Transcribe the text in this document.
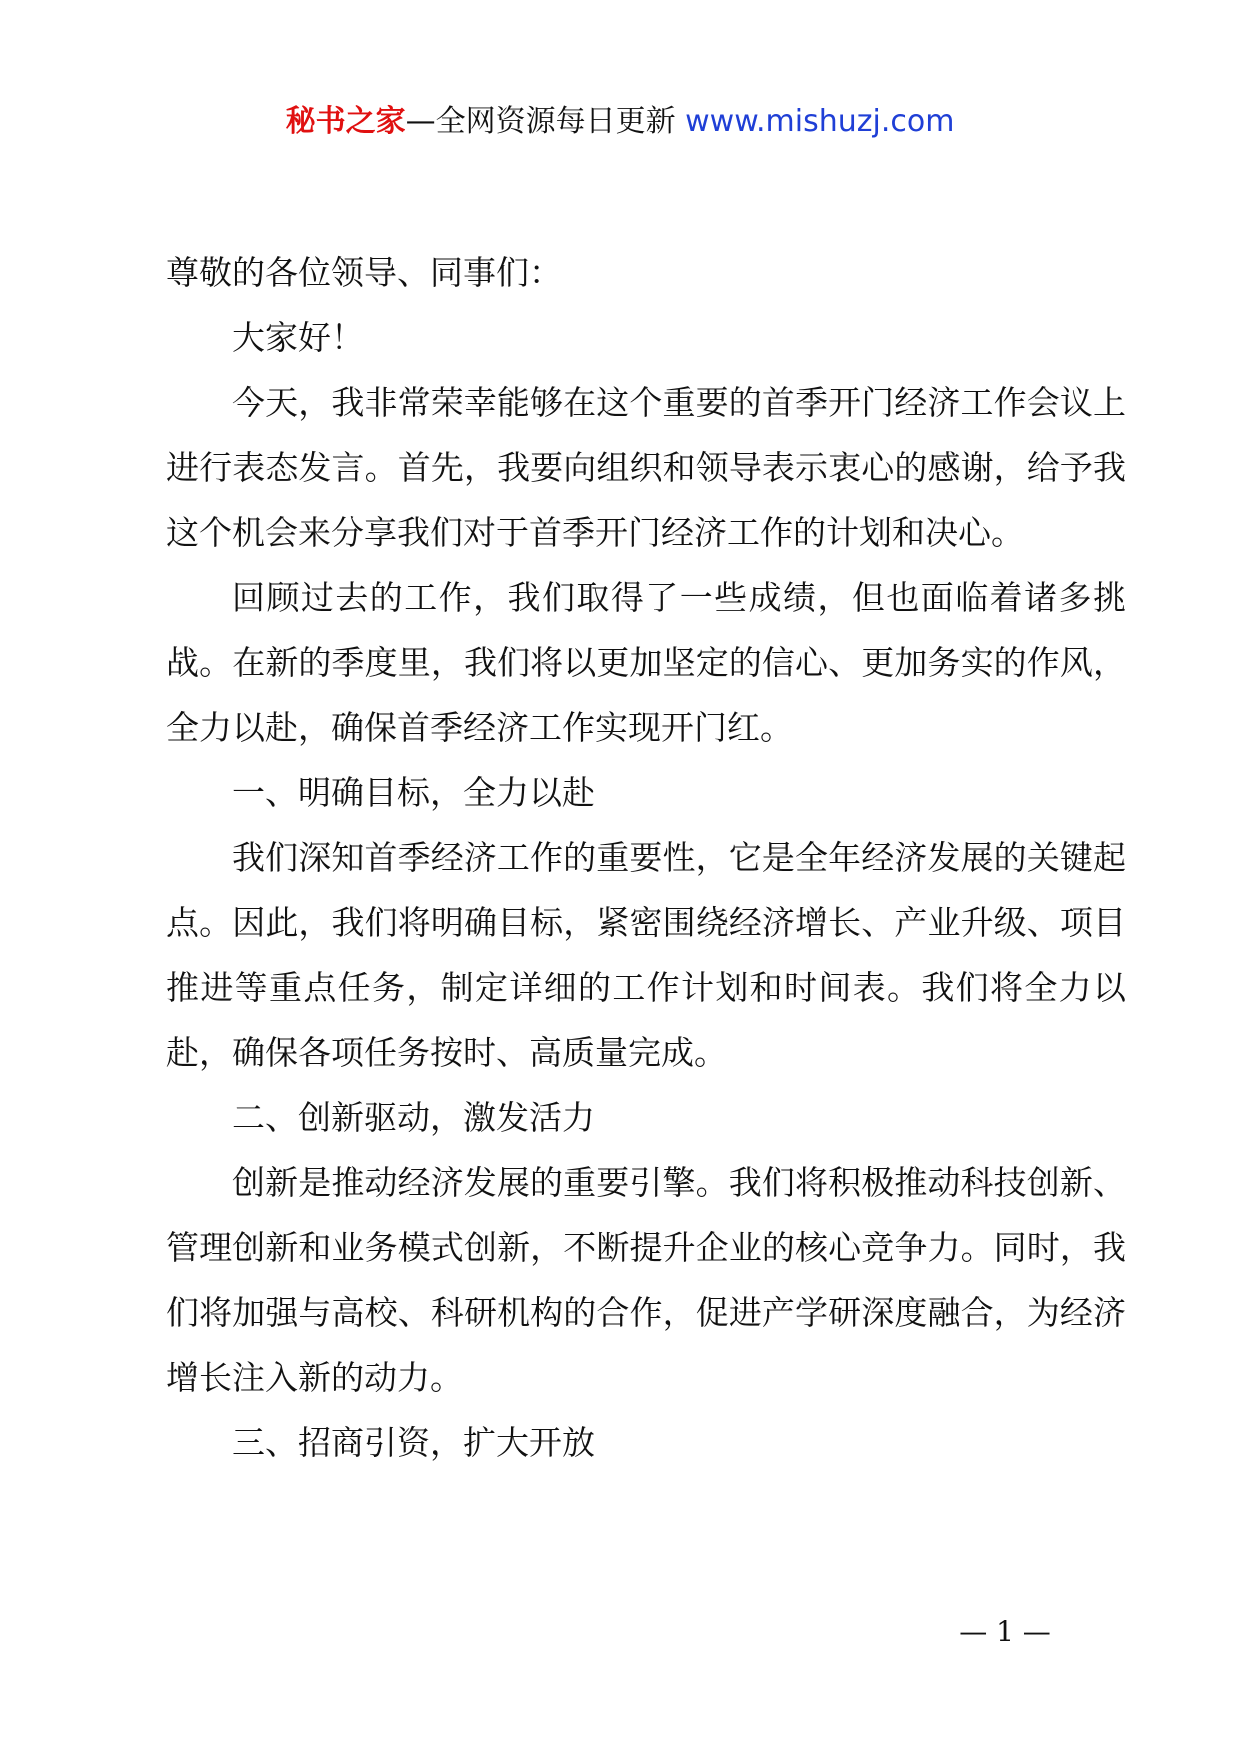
秘书之家—全网资源每日更新 www.mishuzj.com

尊敬的各位领导、同事们：

大家好！

今天，我非常荣幸能够在这个重要的首季开门经济工作会议上进行表态发言。首先，我要向组织和领导表示衷心的感谢，给予我这个机会来分享我们对于首季开门经济工作的计划和决心。

回顾过去的工作，我们取得了一些成绩，但也面临着诸多挑战。在新的季度里，我们将以更加坚定的信心、更加务实的作风，全力以赴，确保首季经济工作实现开门红。

一、明确目标，全力以赴

我们深知首季经济工作的重要性，它是全年经济发展的关键起点。因此，我们将明确目标，紧密围绕经济增长、产业升级、项目推进等重点任务，制定详细的工作计划和时间表。我们将全力以赴，确保各项任务按时、高质量完成。

二、创新驱动，激发活力

创新是推动经济发展的重要引擎。我们将积极推动科技创新、管理创新和业务模式创新，不断提升企业的核心竞争力。同时，我们将加强与高校、科研机构的合作，促进产学研深度融合，为经济增长注入新的动力。

三、招商引资，扩大开放

— 1 —
